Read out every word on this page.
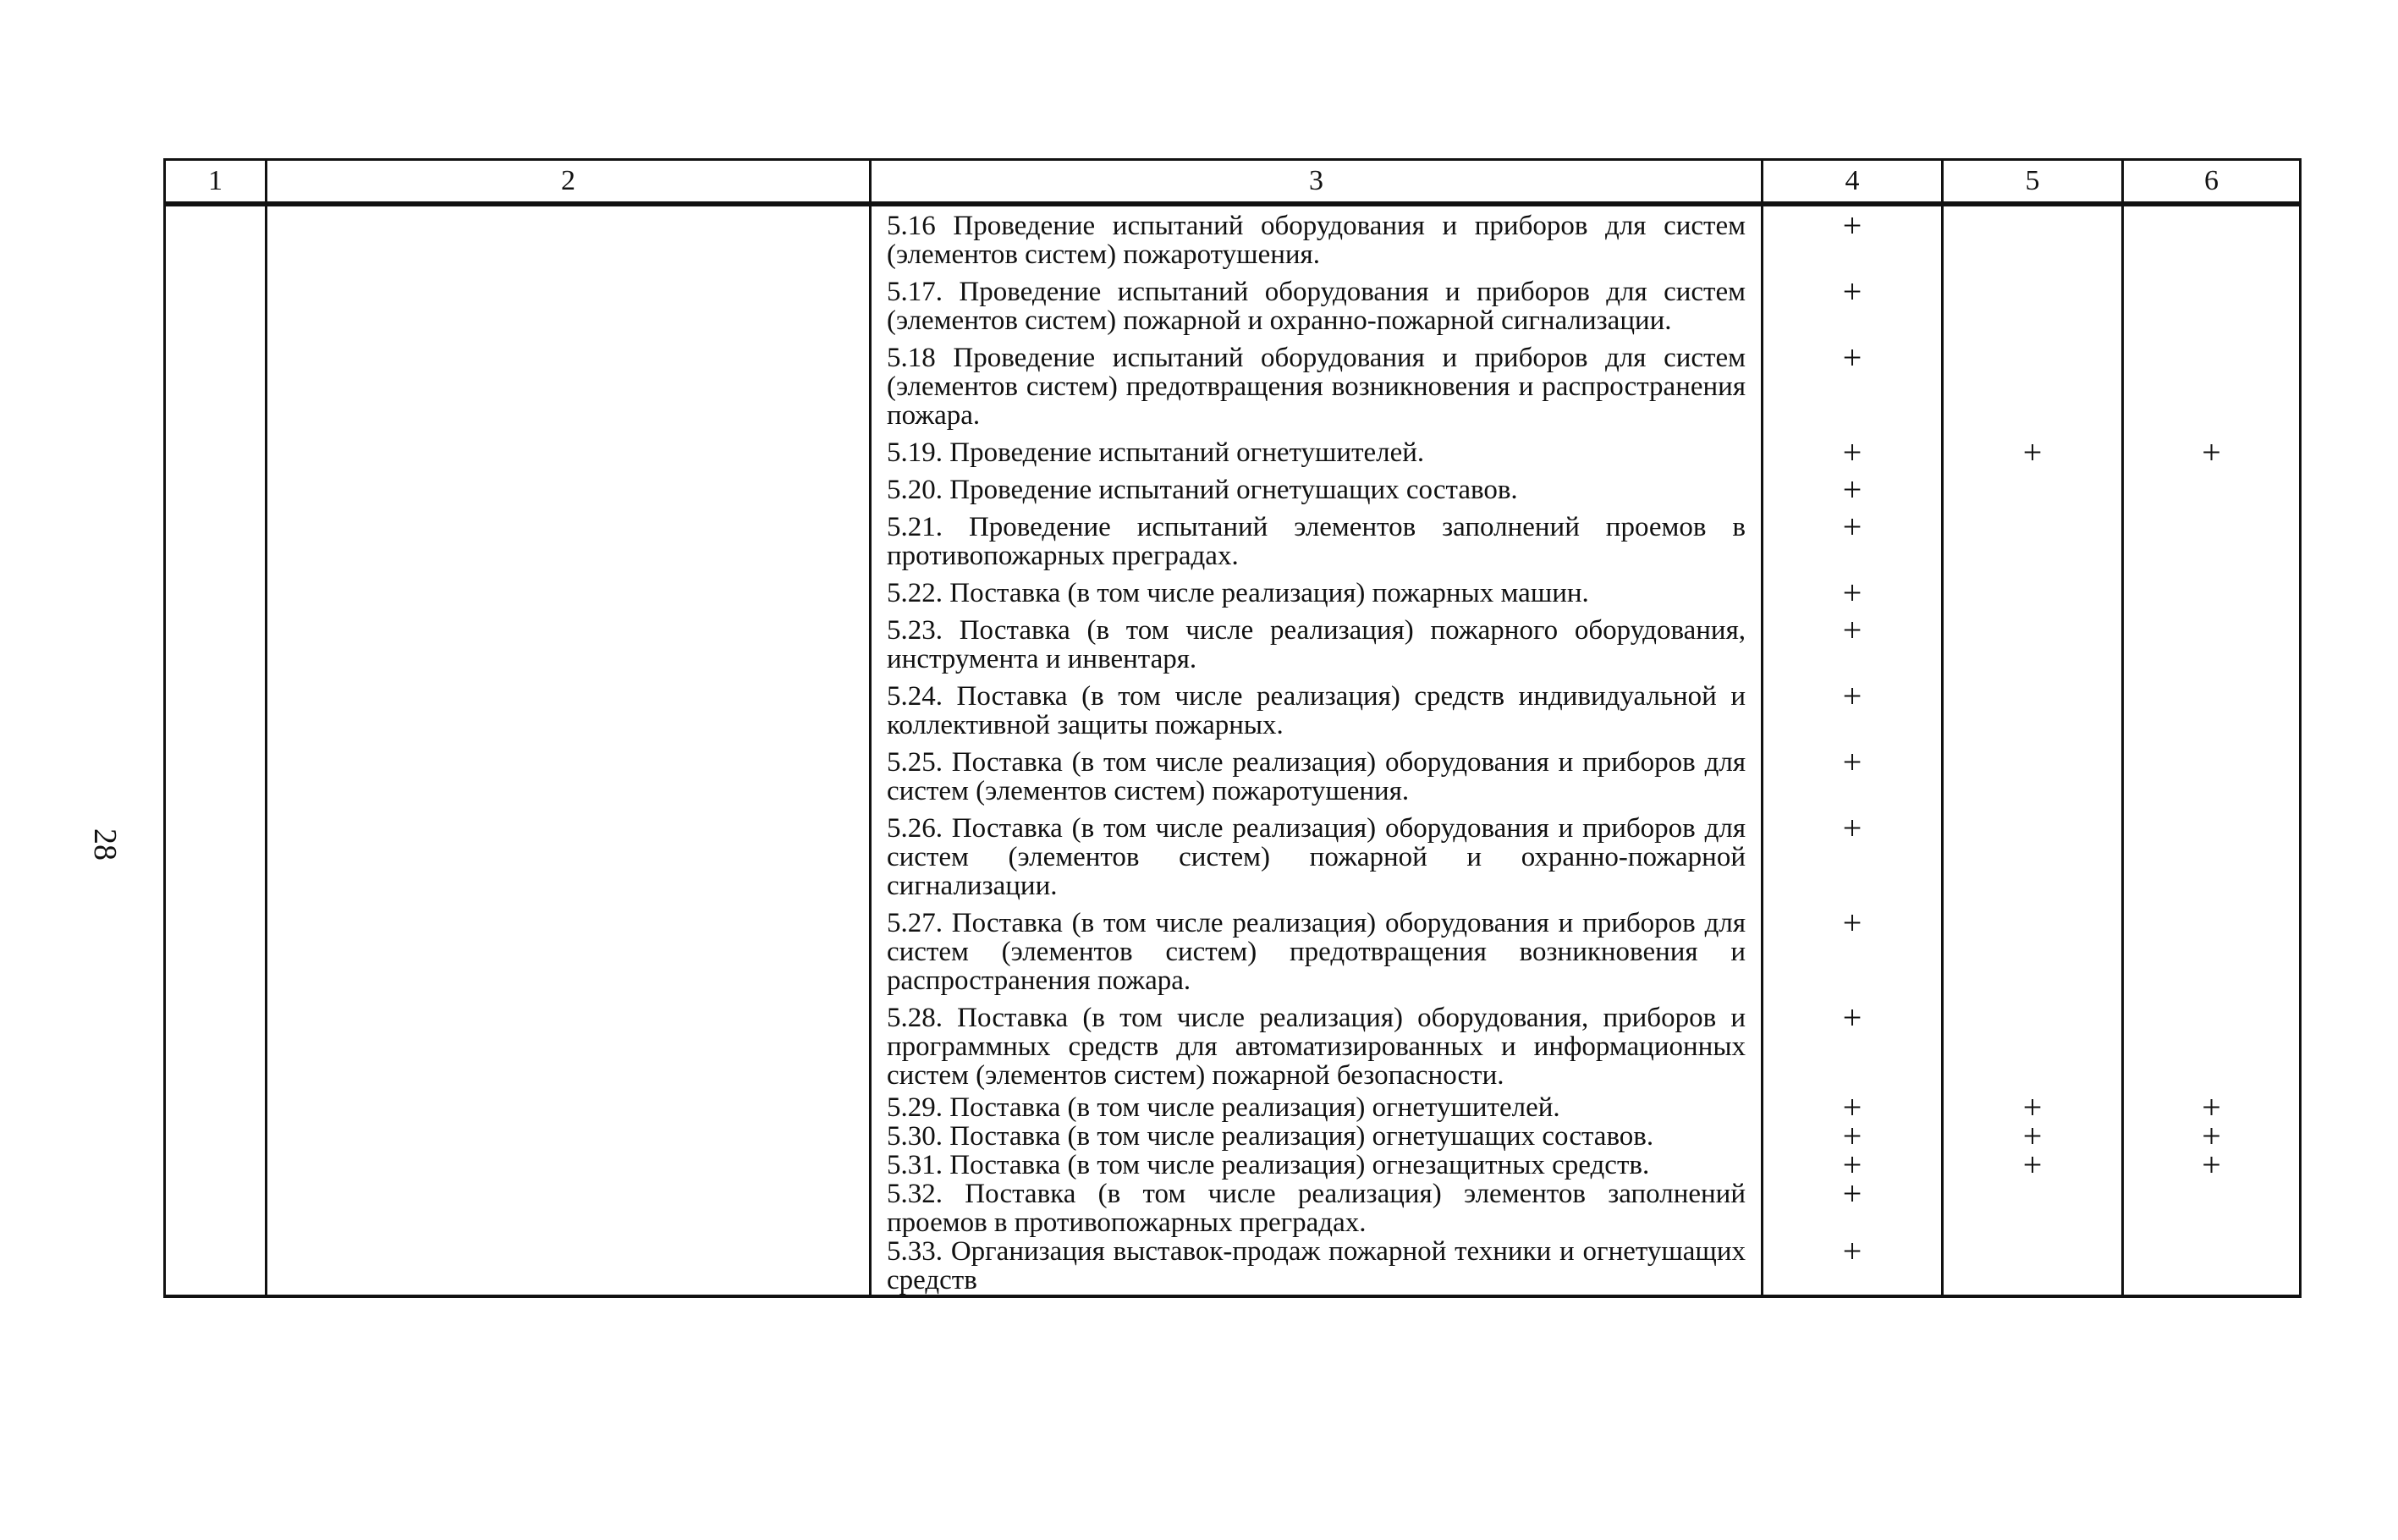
28
1	2	3	4	5	6
		5.16 Проведение испытаний оборудования и приборов для систем (элементов систем) пожаротушения.	+		
		5.17. Проведение испытаний оборудования и приборов для систем (элементов систем) пожарной и охранно-пожарной сигнализации.	+		
		5.18 Проведение испытаний оборудования и приборов для систем (элементов систем) предотвращения возникновения и распространения пожара.	+		
		5.19. Проведение испытаний огнетушителей.	+	+	+
		5.20. Проведение испытаний огнетушащих составов.	+		
		5.21. Проведение испытаний элементов заполнений проемов в противопожарных преградах.	+		
		5.22. Поставка (в том числе реализация) пожарных машин.	+		
		5.23. Поставка (в том числе реализация) пожарного оборудования, инструмента и инвентаря.	+		
		5.24. Поставка (в том числе реализация) средств индивидуальной и коллективной защиты пожарных.	+		
		5.25. Поставка (в том числе реализация) оборудования и приборов для систем (элементов систем) пожаротушения.	+		
		5.26. Поставка (в том числе реализация) оборудования и приборов для систем (элементов систем) пожарной и охранно-пожарной сигнализации.	+		
		5.27. Поставка (в том числе реализация) оборудования и приборов для систем (элементов систем) предотвращения возникновения и распространения пожара.	+		
		5.28. Поставка (в том числе реализация) оборудования, приборов и программных средств для автоматизированных и информационных систем (элементов систем) пожарной безопасности.	+		
		5.29. Поставка (в том числе реализация) огнетушителей.	+	+	+
		5.30. Поставка (в том числе реализация) огнетушащих составов.	+	+	+
		5.31. Поставка (в том числе реализация) огнезащитных средств.	+	+	+
		5.32. Поставка (в том числе реализация) элементов заполнений проемов в противопожарных преградах.	+		
		5.33. Организация выставок-продаж пожарной техники и огнетушащих средств	+		
